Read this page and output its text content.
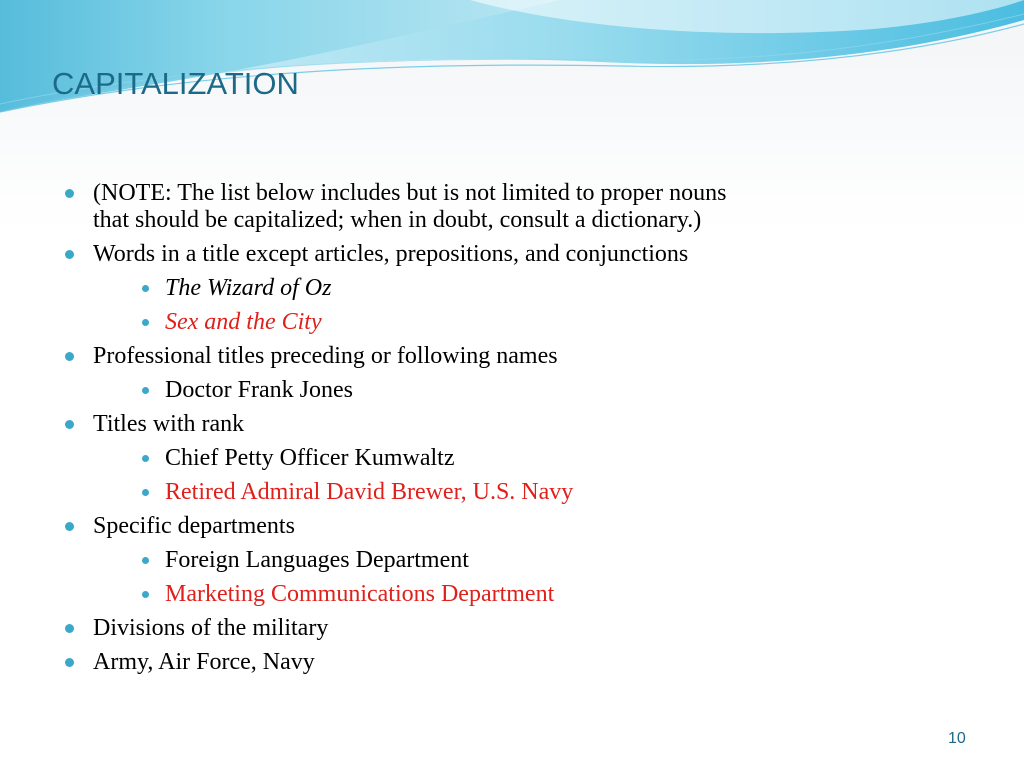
CAPITALIZATION
(NOTE: The list below includes but is not limited to proper nouns that should be capitalized; when in doubt, consult a dictionary.)
Words in a title except articles, prepositions, and conjunctions
The Wizard of Oz
Sex and the City
Professional titles preceding or following names
Doctor Frank Jones
Titles with rank
Chief Petty Officer Kumwaltz
Retired Admiral David Brewer, U.S. Navy
Specific departments
Foreign Languages Department
Marketing Communications Department
Divisions of the military
Army, Air Force, Navy
10
